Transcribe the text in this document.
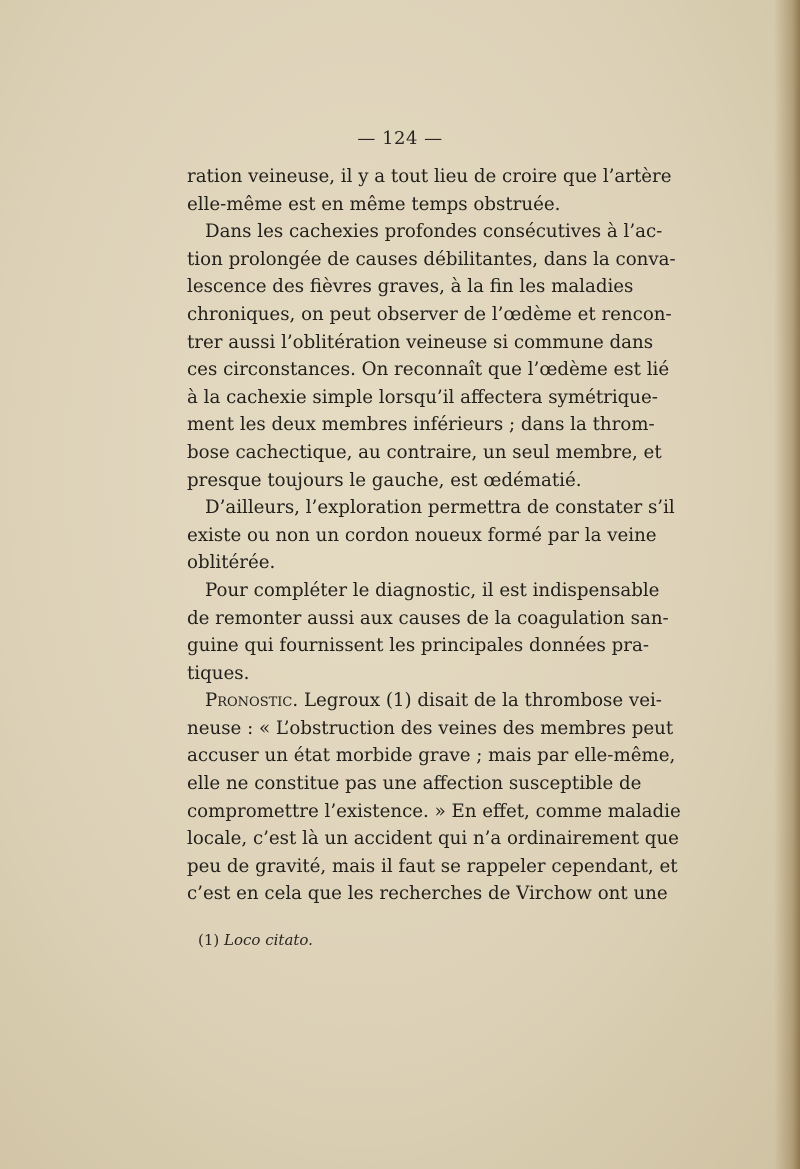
— 124 —
ration veineuse, il y a tout lieu de croire que l’artère
elle-même est en même temps obstruée.
Dans les cachexies profondes consécutives à l’ac-
tion prolongée de causes débilitantes, dans la conva-
lescence des fièvres graves, à la fin les maladies
chroniques, on peut observer de l’œdème et rencon-
trer aussi l’oblitération veineuse si commune dans
ces circonstances. On reconnaît que l’œdème est lié
à la cachexie simple lorsqu’il affectera symétrique-
ment les deux membres inférieurs ; dans la throm-
bose cachectique, au contraire, un seul membre, et
presque toujours le gauche, est œdématié.
D’ailleurs, l’exploration permettra de constater s’il
existe ou non un cordon noueux formé par la veine
oblitérée.
Pour compléter le diagnostic, il est indispensable
de remonter aussi aux causes de la coagulation san-
guine qui fournissent les principales données pra-
tiques.
Pronostic. Legroux (1) disait de la thrombose vei-
neuse : « L’obstruction des veines des membres peut
accuser un état morbide grave ; mais par elle-même,
elle ne constitue pas une affection susceptible de
compromettre l’existence. » En effet, comme maladie
locale, c’est là un accident qui n’a ordinairement que
peu de gravité, mais il faut se rappeler cependant, et
c’est en cela que les recherches de Virchow ont une
(1) Loco citato.
